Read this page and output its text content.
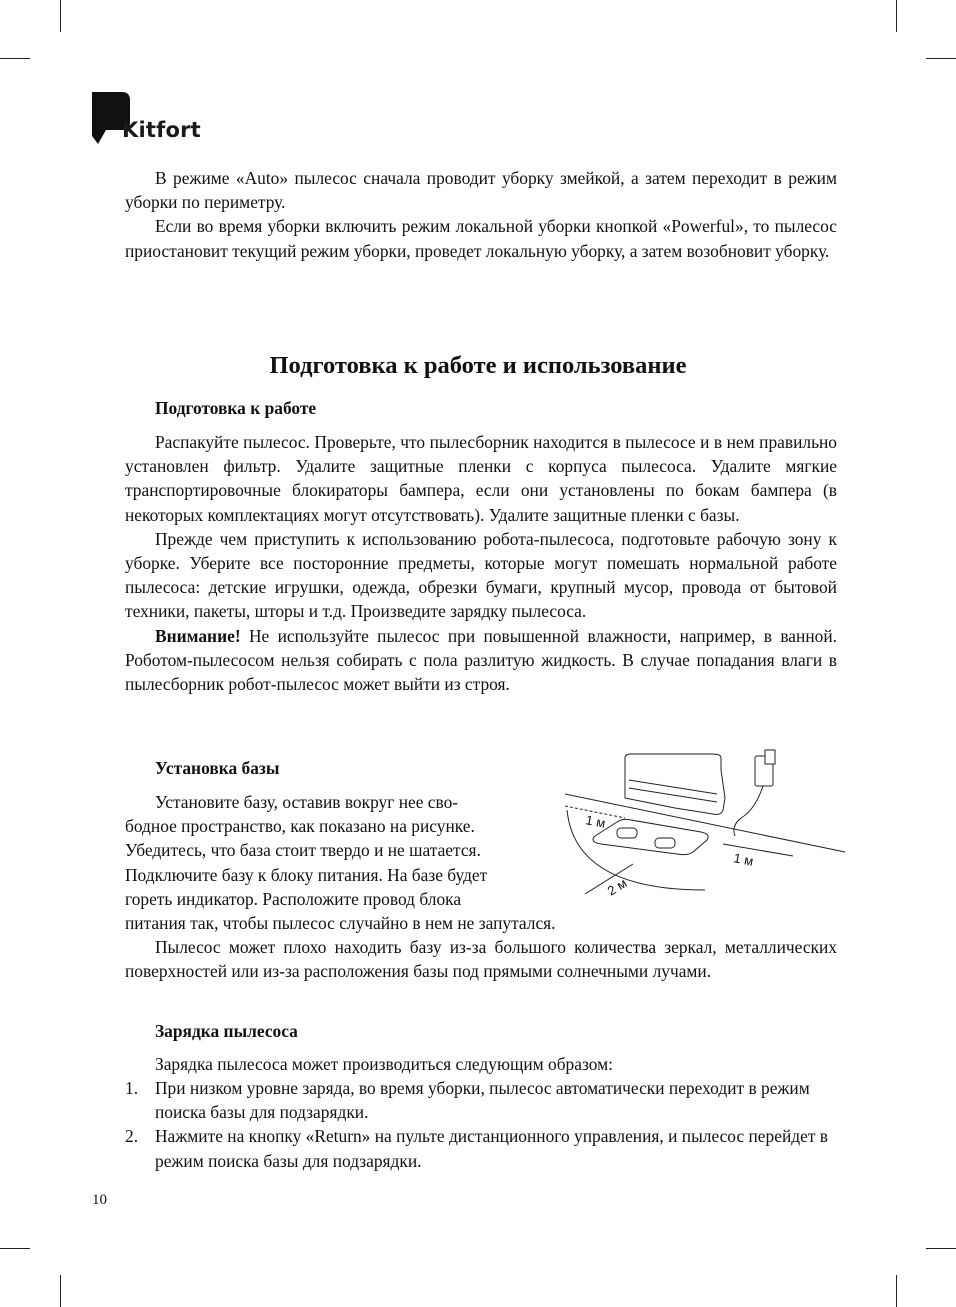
Kitfort

В режиме «Auto» пылесос сначала проводит уборку змейкой, а затем переходит в режим уборки по периметру.

Если во время уборки включить режим локальной уборки кнопкой «Powerful», то пылесос приостановит текущий режим уборки, проведет локальную уборку, а затем возобновит уборку.

Подготовка к работе и использование
Подготовка к работе

Распакуйте пылесос. Проверьте, что пылесборник находится в пылесосе и в нем правильно установлен фильтр. Удалите защитные пленки с корпуса пылесоса. Удалите мягкие транспортировочные блокираторы бампера, если они установлены по бокам бампера (в некоторых комплектациях могут отсутствовать). Удалите защитные пленки с базы.

Прежде чем приступить к использованию робота-пылесоса, подготовьте рабочую зону к уборке. Уберите все посторонние предметы, которые могут помешать нормальной работе пылесоса: детские игрушки, одежда, обрезки бумаги, крупный мусор, провода от бытовой техники, пакеты, шторы и т.д. Произведите зарядку пылесоса.

Внимание! Не используйте пылесос при повышенной влажности, например, в ванной. Роботом-пылесосом нельзя собирать с пола разлитую жидкость. В случае попадания влаги в пылесборник робот-пылесос может выйти из строя.

Установка базы
Установите базу, оставив вокруг нее сво-
бодное пространство, как показано на рисунке.
Убедитесь, что база стоит твердо и не шатается.
Подключите базу к блоку питания. На базе будет
гореть индикатор. Расположите провод блока
питания так, чтобы пылесос случайно в нем не запутался.

Пылесос может плохо находить базу из-за большого количества зеркал, металлических поверхностей или из-за расположения базы под прямыми солнечными лучами.

1 м
1 м
2 м
Зарядка пылесоса

Зарядка пылесоса может производиться следующим образом:

1. При низком уровне заряда, во время уборки, пылесос автоматически переходит в режим поиска базы для подзарядки.
2. Нажмите на кнопку «Return» на пульте дистанционного управления, и пылесос перейдет в режим поиска базы для подзарядки.
10
